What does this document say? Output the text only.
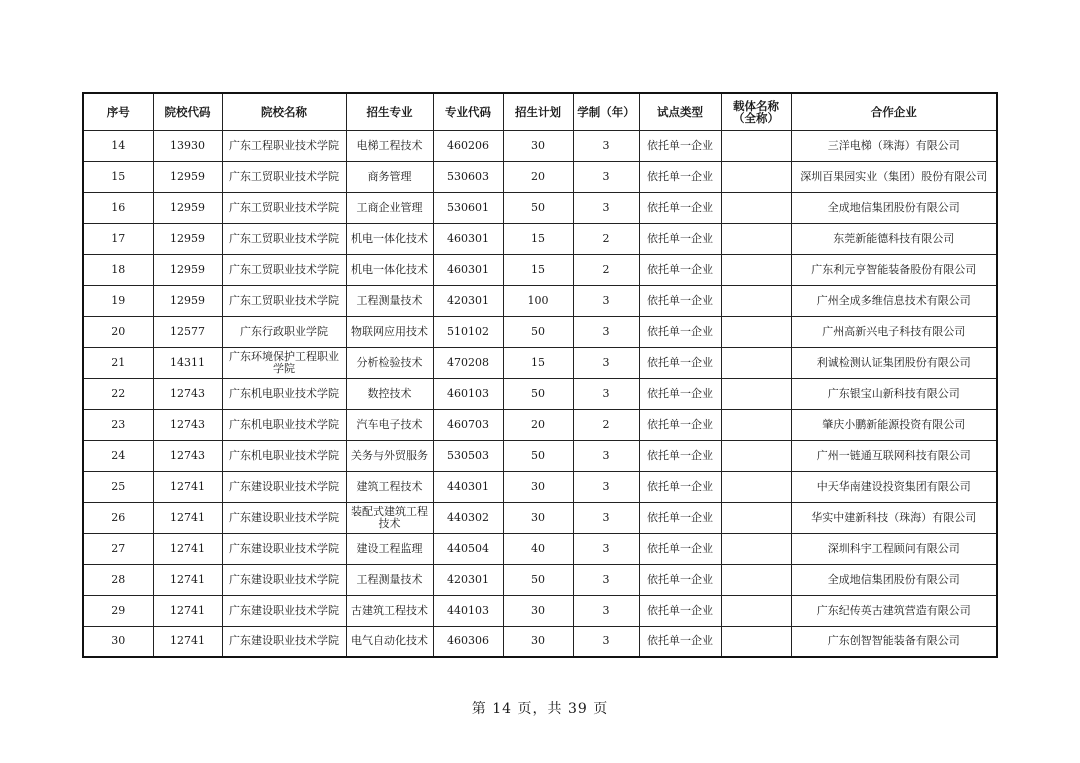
序号	院校代码	院校名称	招生专业	专业代码	招生计划	学制（年）	试点类型	载体名称（全称）	合作企业
14	13930	广东工程职业技术学院	电梯工程技术	460206	30	3	依托单一企业		三洋电梯（珠海）有限公司
15	12959	广东工贸职业技术学院	商务管理	530603	20	3	依托单一企业		深圳百果园实业（集团）股份有限公司
16	12959	广东工贸职业技术学院	工商企业管理	530601	50	3	依托单一企业		全成地信集团股份有限公司
17	12959	广东工贸职业技术学院	机电一体化技术	460301	15	2	依托单一企业		东莞新能德科技有限公司
18	12959	广东工贸职业技术学院	机电一体化技术	460301	15	2	依托单一企业		广东利元亨智能装备股份有限公司
19	12959	广东工贸职业技术学院	工程测量技术	420301	100	3	依托单一企业		广州全成多维信息技术有限公司
20	12577	广东行政职业学院	物联网应用技术	510102	50	3	依托单一企业		广州高新兴电子科技有限公司
21	14311	广东环境保护工程职业学院	分析检验技术	470208	15	3	依托单一企业		利诚检测认证集团股份有限公司
22	12743	广东机电职业技术学院	数控技术	460103	50	3	依托单一企业		广东银宝山新科技有限公司
23	12743	广东机电职业技术学院	汽车电子技术	460703	20	2	依托单一企业		肇庆小鹏新能源投资有限公司
24	12743	广东机电职业技术学院	关务与外贸服务	530503	50	3	依托单一企业		广州一链通互联网科技有限公司
25	12741	广东建设职业技术学院	建筑工程技术	440301	30	3	依托单一企业		中天华南建设投资集团有限公司
26	12741	广东建设职业技术学院	装配式建筑工程技术	440302	30	3	依托单一企业		华实中建新科技（珠海）有限公司
27	12741	广东建设职业技术学院	建设工程监理	440504	40	3	依托单一企业		深圳科宇工程顾问有限公司
28	12741	广东建设职业技术学院	工程测量技术	420301	50	3	依托单一企业		全成地信集团股份有限公司
29	12741	广东建设职业技术学院	古建筑工程技术	440103	30	3	依托单一企业		广东纪传英古建筑营造有限公司
30	12741	广东建设职业技术学院	电气自动化技术	460306	30	3	依托单一企业		广东创智智能装备有限公司
第 14 页，共 39 页
